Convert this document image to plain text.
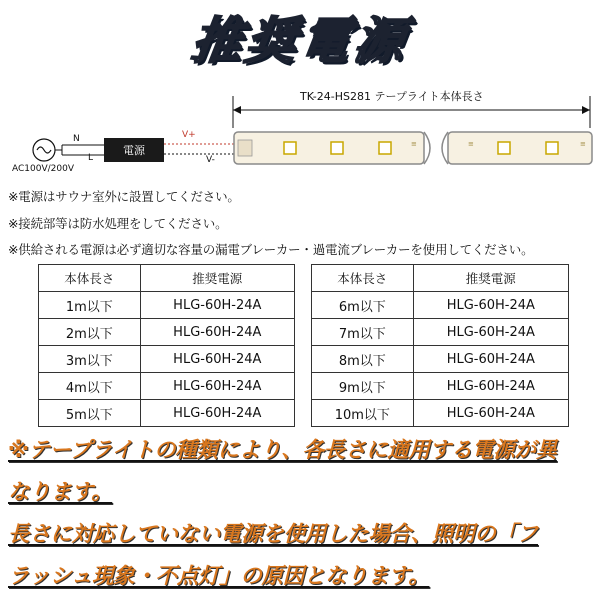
推奨電源
≡	≡	≡
TK-24-HS281 テープライト本体長さ
電源
N
L
AC100V/200V
V+
V-
※電源はサウナ室外に設置してください。
※接続部等は防水処理をしてください。
※供給される電源は必ず適切な容量の漏電ブレーカー・過電流ブレーカーを使用してください。
本体長さ	推奨電源
1m以下	HLG-60H-24A
2m以下	HLG-60H-24A
3m以下	HLG-60H-24A
4m以下	HLG-60H-24A
5m以下	HLG-60H-24A
本体長さ	推奨電源
6m以下	HLG-60H-24A
7m以下	HLG-60H-24A
8m以下	HLG-60H-24A
9m以下	HLG-60H-24A
10m以下	HLG-60H-24A
※テープライトの種類により、各長さに適用する電源が異
なります。
長さに対応していない電源を使用した場合、照明の「フ
ラッシュ現象・不点灯」の原因となります。
